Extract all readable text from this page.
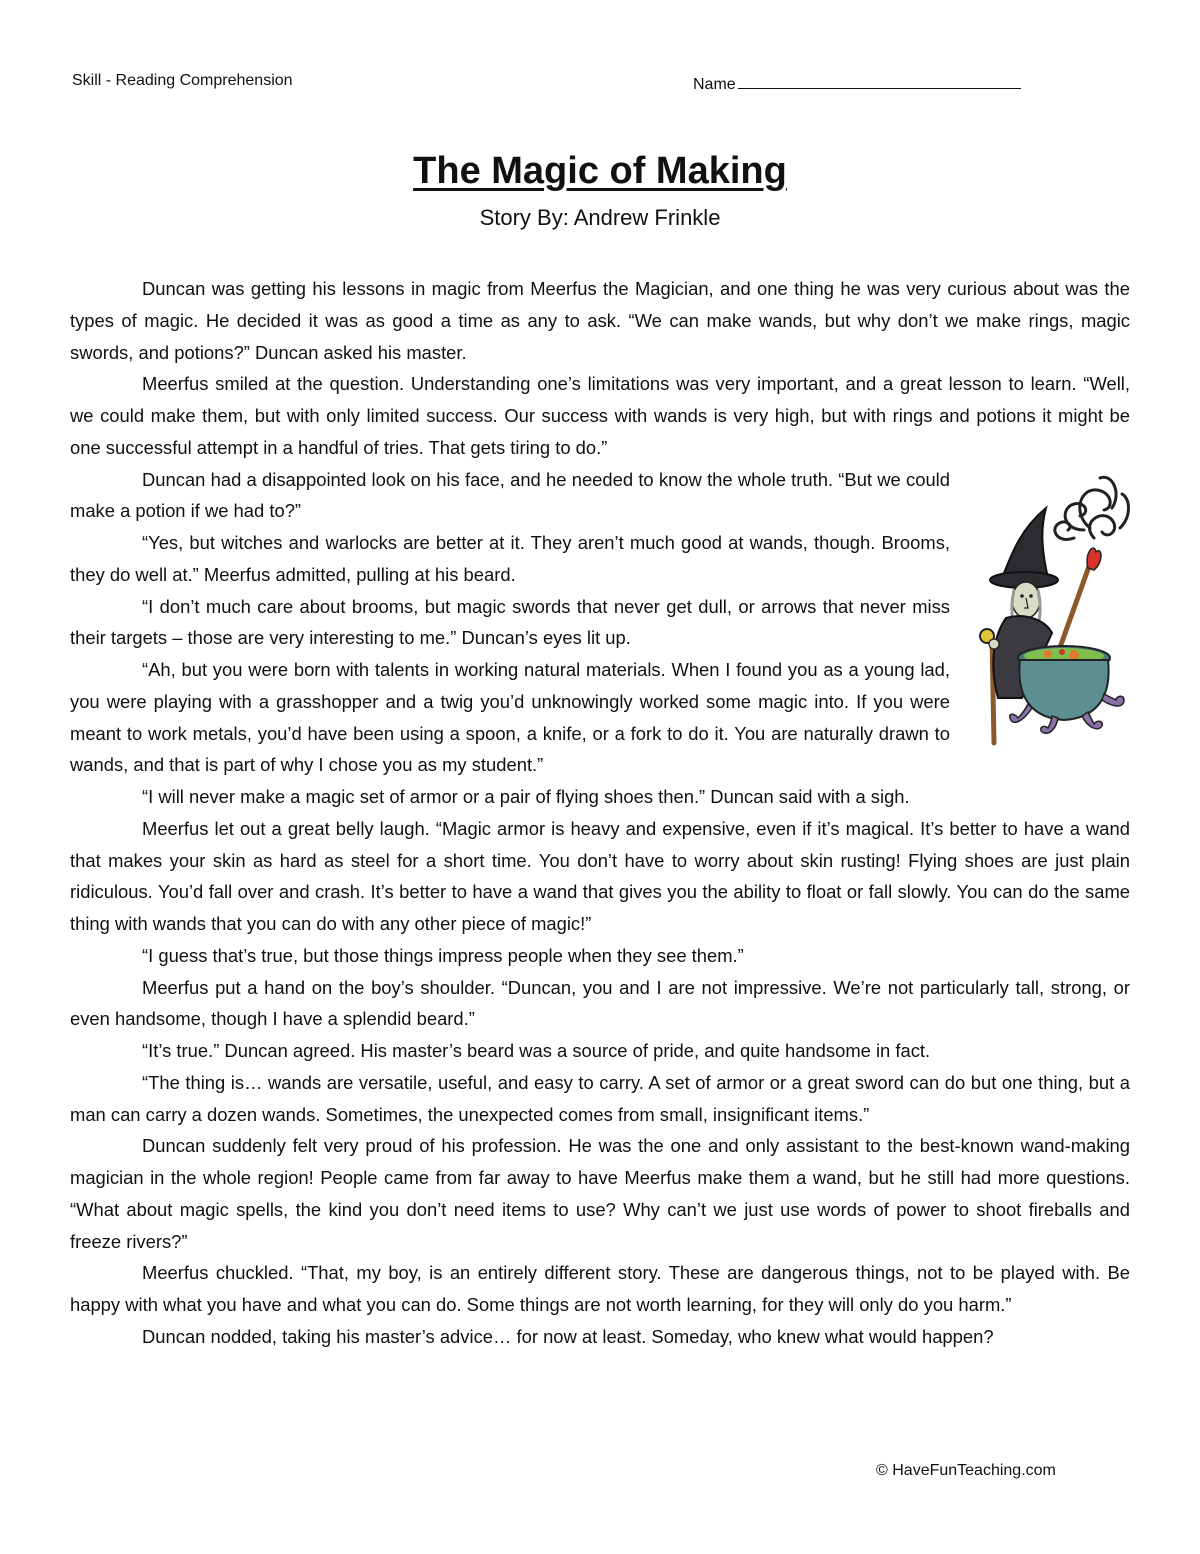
Skill - Reading Comprehension	Name
The Magic of Making
Story By: Andrew Frinkle

Duncan was getting his lessons in magic from Meerfus the Magician, and one thing he was very curious about was the types of magic. He decided it was as good a time as any to ask. “We can make wands, but why don’t we make rings, magic swords, and potions?” Duncan asked his master.

Meerfus smiled at the question. Understanding one’s limitations was very important, and a great lesson to learn. “Well, we could make them, but with only limited success. Our success with wands is very high, but with rings and potions it might be one successful attempt in a handful of tries. That gets tiring to do.”

Duncan had a disappointed look on his face, and he needed to know the whole truth. “But we could make a potion if we had to?”

“Yes, but witches and warlocks are better at it. They aren’t much good at wands, though. Brooms, they do well at.” Meerfus admitted, pulling at his beard.

“I don’t much care about brooms, but magic swords that never get dull, or arrows that never miss their targets – those are very interesting to me.” Duncan’s eyes lit up.

“Ah, but you were born with talents in working natural materials. When I found you as a young lad, you were playing with a grasshopper and a twig you’d unknowingly worked some magic into. If you were meant to work metals, you’d have been using a spoon, a knife, or a fork to do it. You are naturally drawn to wands, and that is part of why I chose you as my student.”

“I will never make a magic set of armor or a pair of flying shoes then.” Duncan said with a sigh.

Meerfus let out a great belly laugh. “Magic armor is heavy and expensive, even if it’s magical. It’s better to have a wand that makes your skin as hard as steel for a short time. You don’t have to worry about skin rusting! Flying shoes are just plain ridiculous. You’d fall over and crash. It’s better to have a wand that gives you the ability to float or fall slowly. You can do the same thing with wands that you can do with any other piece of magic!”

“I guess that’s true, but those things impress people when they see them.”

Meerfus put a hand on the boy’s shoulder. “Duncan, you and I are not impressive. We’re not particularly tall, strong, or even handsome, though I have a splendid beard.”

“It’s true.” Duncan agreed. His master’s beard was a source of pride, and quite handsome in fact.

“The thing is… wands are versatile, useful, and easy to carry. A set of armor or a great sword can do but one thing, but a man can carry a dozen wands. Sometimes, the unexpected comes from small, insignificant items.”

Duncan suddenly felt very proud of his profession. He was the one and only assistant to the best-known wand-making magician in the whole region! People came from far away to have Meerfus make them a wand, but he still had more questions. “What about magic spells, the kind you don’t need items to use? Why can’t we just use words of power to shoot fireballs and freeze rivers?”

Meerfus chuckled. “That, my boy, is an entirely different story. These are dangerous things, not to be played with. Be happy with what you have and what you can do. Some things are not worth learning, for they will only do you harm.”

Duncan nodded, taking his master’s advice… for now at least. Someday, who knew what would happen?

© HaveFunTeaching.com
